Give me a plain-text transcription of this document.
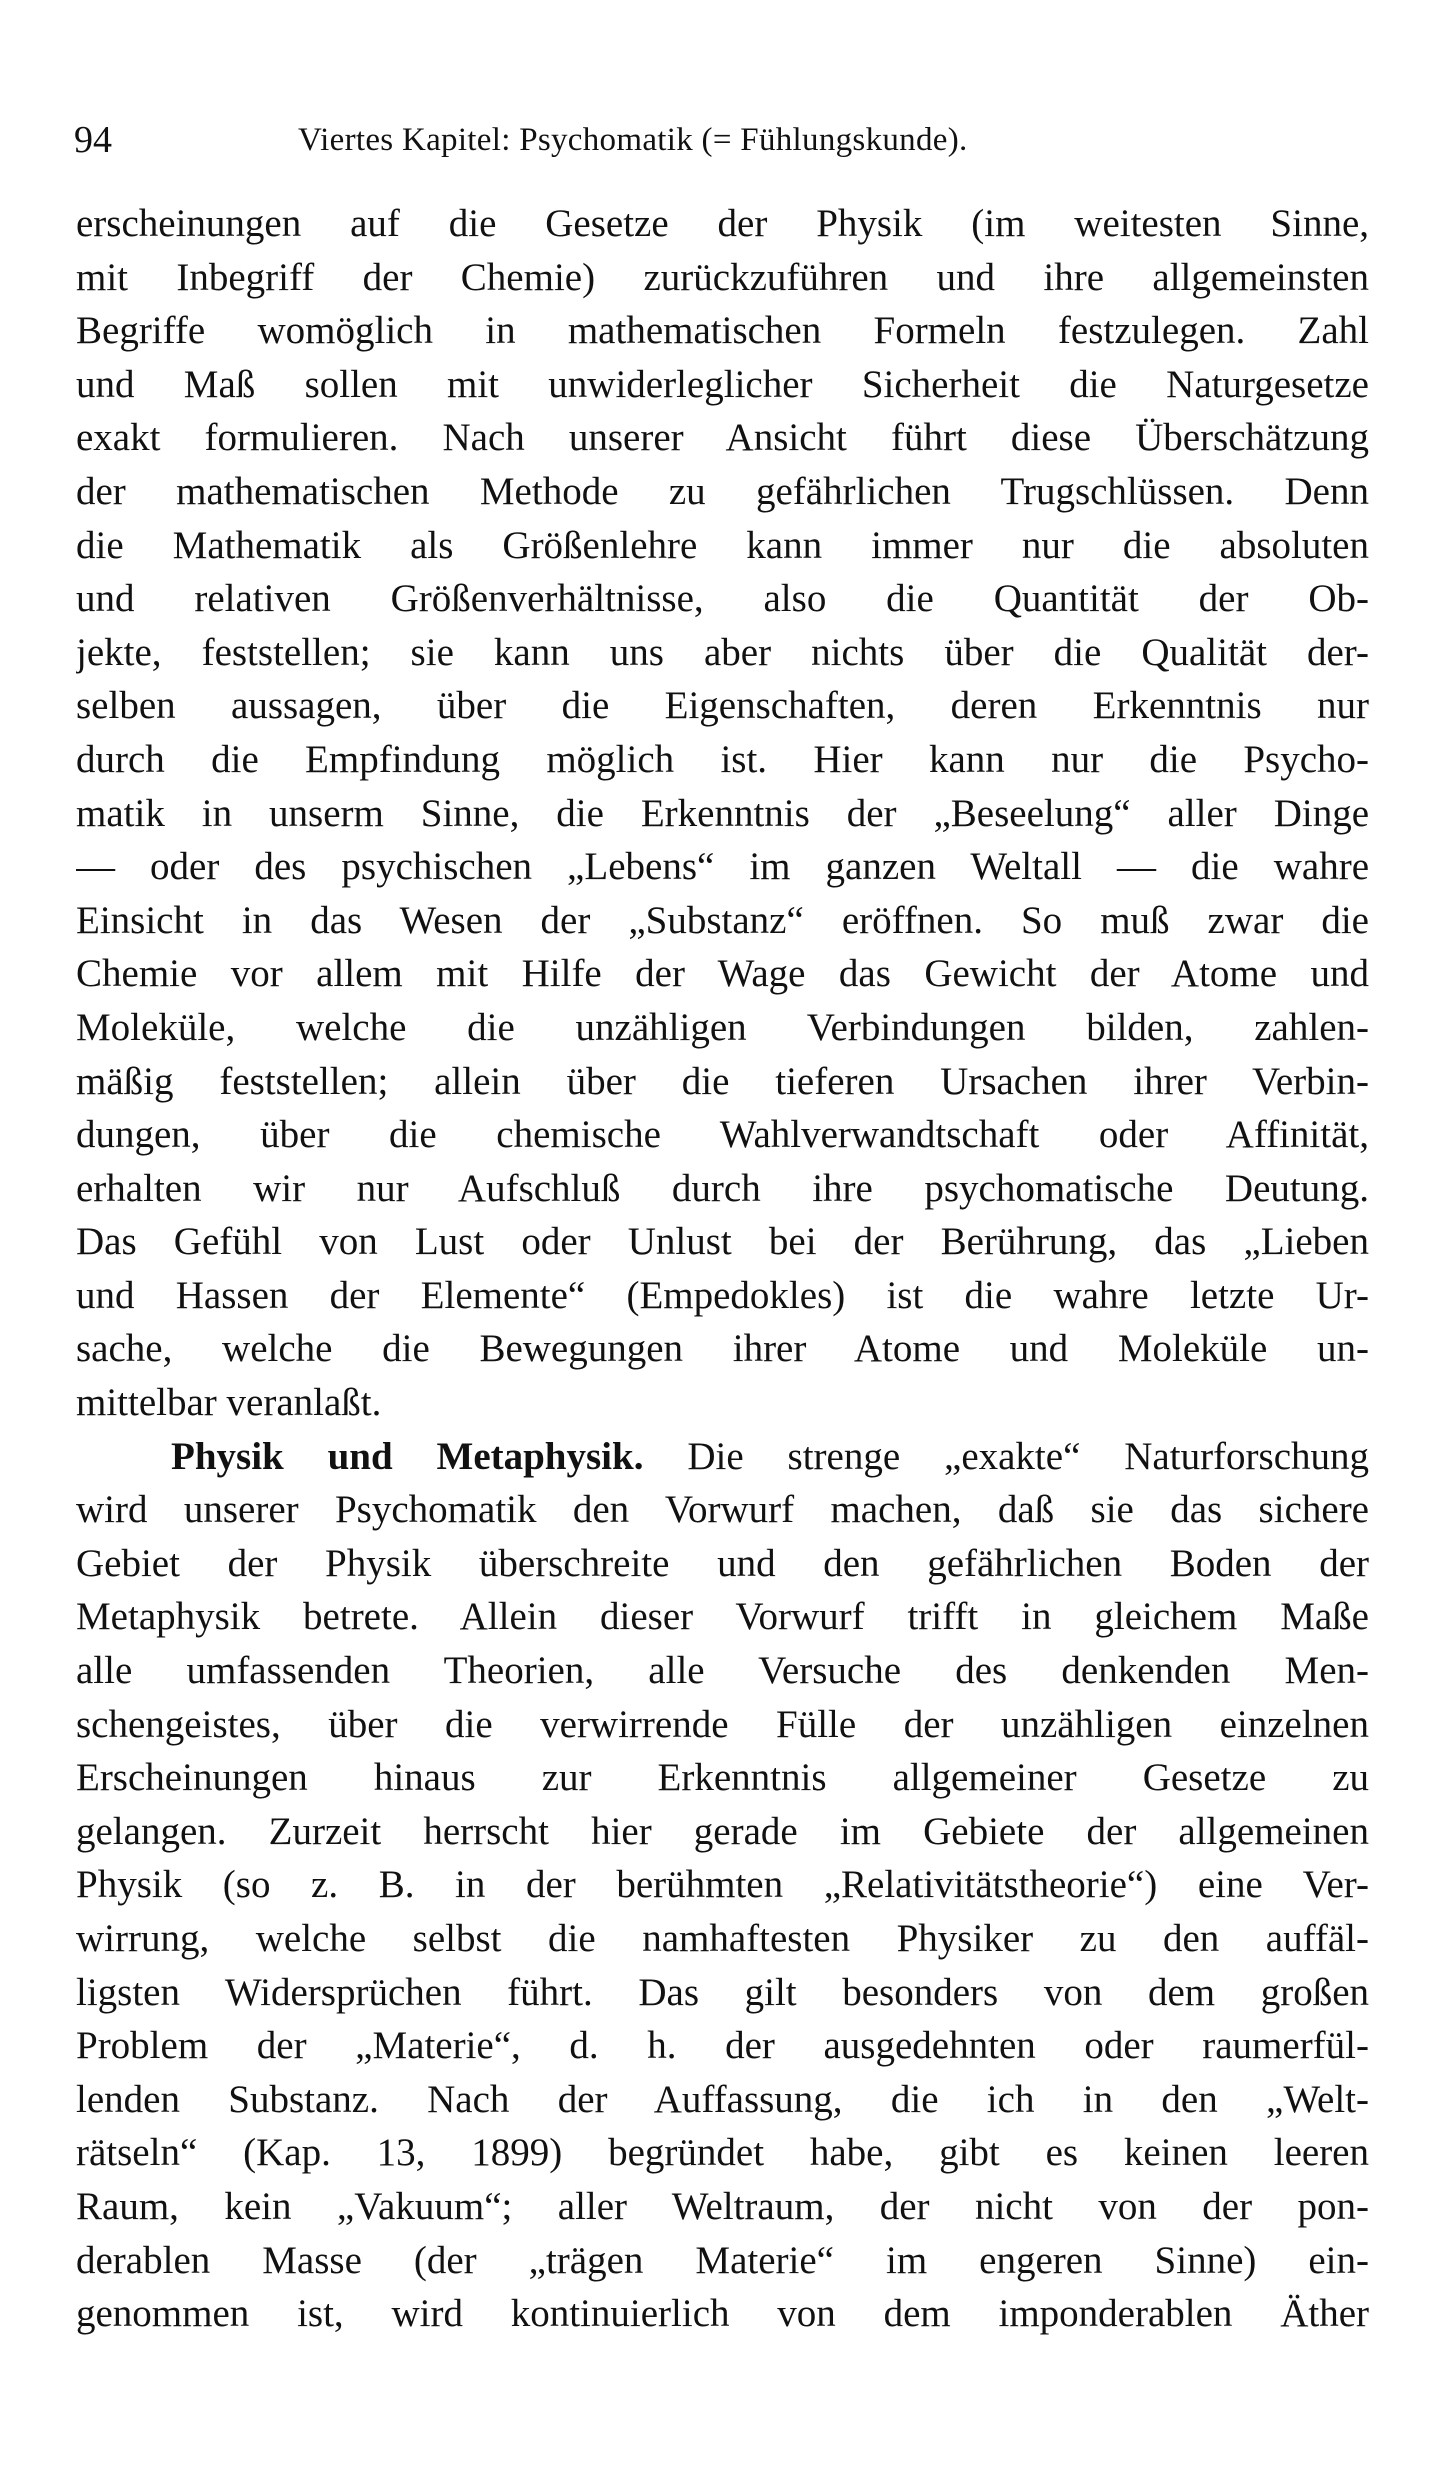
94	Viertes Kapitel: Psychomatik (= Fühlungskunde).
erscheinungen auf die Gesetze der Physik (im weitesten Sinne,
mit Inbegriff der Chemie) zurückzuführen und ihre allgemeinsten
Begriffe womöglich in mathematischen Formeln festzulegen. Zahl
und Maß sollen mit unwiderleglicher Sicherheit die Naturgesetze
exakt formulieren. Nach unserer Ansicht führt diese Überschätzung
der mathematischen Methode zu gefährlichen Trugschlüssen. Denn
die Mathematik als Größenlehre kann immer nur die absoluten
und relativen Größenverhältnisse, also die Quantität der Ob-
jekte, feststellen; sie kann uns aber nichts über die Qualität der-
selben aussagen, über die Eigenschaften, deren Erkenntnis nur
durch die Empfindung möglich ist. Hier kann nur die Psycho-
matik in unserm Sinne, die Erkenntnis der „Beseelung“ aller Dinge
— oder des psychischen „Lebens“ im ganzen Weltall — die wahre
Einsicht in das Wesen der „Substanz“ eröffnen. So muß zwar die
Chemie vor allem mit Hilfe der Wage das Gewicht der Atome und
Moleküle, welche die unzähligen Verbindungen bilden, zahlen-
mäßig feststellen; allein über die tieferen Ursachen ihrer Verbin-
dungen, über die chemische Wahlverwandtschaft oder Affinität,
erhalten wir nur Aufschluß durch ihre psychomatische Deutung.
Das Gefühl von Lust oder Unlust bei der Berührung, das „Lieben
und Hassen der Elemente“ (Empedokles) ist die wahre letzte Ur-
sache, welche die Bewegungen ihrer Atome und Moleküle un-
mittelbar veranlaßt.
Physik und Metaphysik. Die strenge „exakte“ Naturforschung
wird unserer Psychomatik den Vorwurf machen, daß sie das sichere
Gebiet der Physik überschreite und den gefährlichen Boden der
Metaphysik betrete. Allein dieser Vorwurf trifft in gleichem Maße
alle umfassenden Theorien, alle Versuche des denkenden Men-
schengeistes, über die verwirrende Fülle der unzähligen einzelnen
Erscheinungen hinaus zur Erkenntnis allgemeiner Gesetze zu
gelangen. Zurzeit herrscht hier gerade im Gebiete der allgemeinen
Physik (so z. B. in der berühmten „Relativitätstheorie“) eine Ver-
wirrung, welche selbst die namhaftesten Physiker zu den auffäl-
ligsten Widersprüchen führt. Das gilt besonders von dem großen
Problem der „Materie“, d. h. der ausgedehnten oder raumerfül-
lenden Substanz. Nach der Auffassung, die ich in den „Welt-
rätseln“ (Kap. 13, 1899) begründet habe, gibt es keinen leeren
Raum, kein „Vakuum“; aller Weltraum, der nicht von der pon-
derablen Masse (der „trägen Materie“ im engeren Sinne) ein-
genommen ist, wird kontinuierlich von dem imponderablen Äther
